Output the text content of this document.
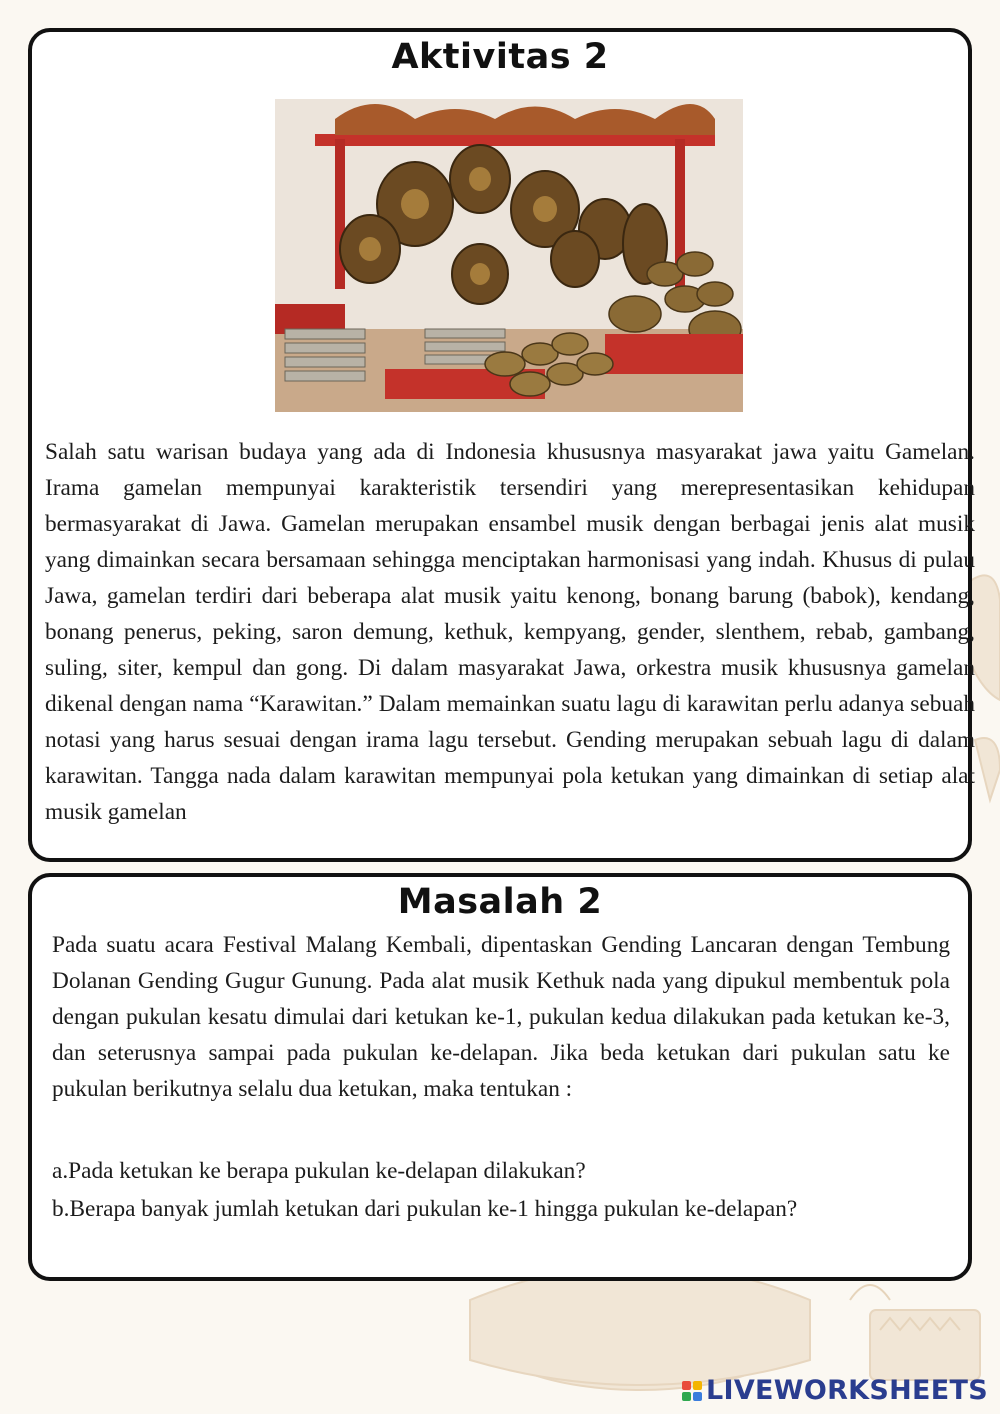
Aktivitas 2

Salah satu warisan budaya yang ada di Indonesia khususnya masyarakat jawa yaitu Gamelan. Irama gamelan mempunyai karakteristik tersendiri yang merepresentasikan kehidupan bermasyarakat di Jawa. Gamelan merupakan ensambel musik dengan berbagai jenis alat musik yang dimainkan secara bersamaan sehingga menciptakan harmonisasi yang indah. Khusus di pulau Jawa, gamelan terdiri dari beberapa alat musik yaitu kenong, bonang barung (babok), kendang, bonang penerus, peking, saron demung, kethuk, kempyang, gender, slenthem, rebab, gambang, suling, siter, kempul dan gong. Di dalam masyarakat Jawa, orkestra musik khususnya gamelan dikenal dengan nama “Karawitan.” Dalam memainkan suatu lagu di karawitan perlu adanya sebuah notasi yang harus sesuai dengan irama lagu tersebut. Gending merupakan sebuah lagu di dalam karawitan. Tangga nada dalam karawitan mempunyai pola ketukan yang dimainkan di setiap alat musik gamelan

Masalah 2

Pada suatu acara Festival Malang Kembali, dipentaskan Gending Lancaran dengan Tembung Dolanan Gending Gugur Gunung. Pada alat musik Kethuk nada yang dipukul membentuk pola dengan pukulan kesatu dimulai dari ketukan ke-1, pukulan kedua dilakukan pada ketukan ke-3, dan seterusnya sampai pada pukulan ke-delapan. Jika beda ketukan dari pukulan satu ke pukulan berikutnya selalu dua ketukan, maka tentukan :

a.Pada ketukan ke berapa pukulan ke-delapan dilakukan?

b.Berapa banyak jumlah ketukan dari pukulan ke-1 hingga pukulan ke-delapan?

LIVEWORKSHEETS
